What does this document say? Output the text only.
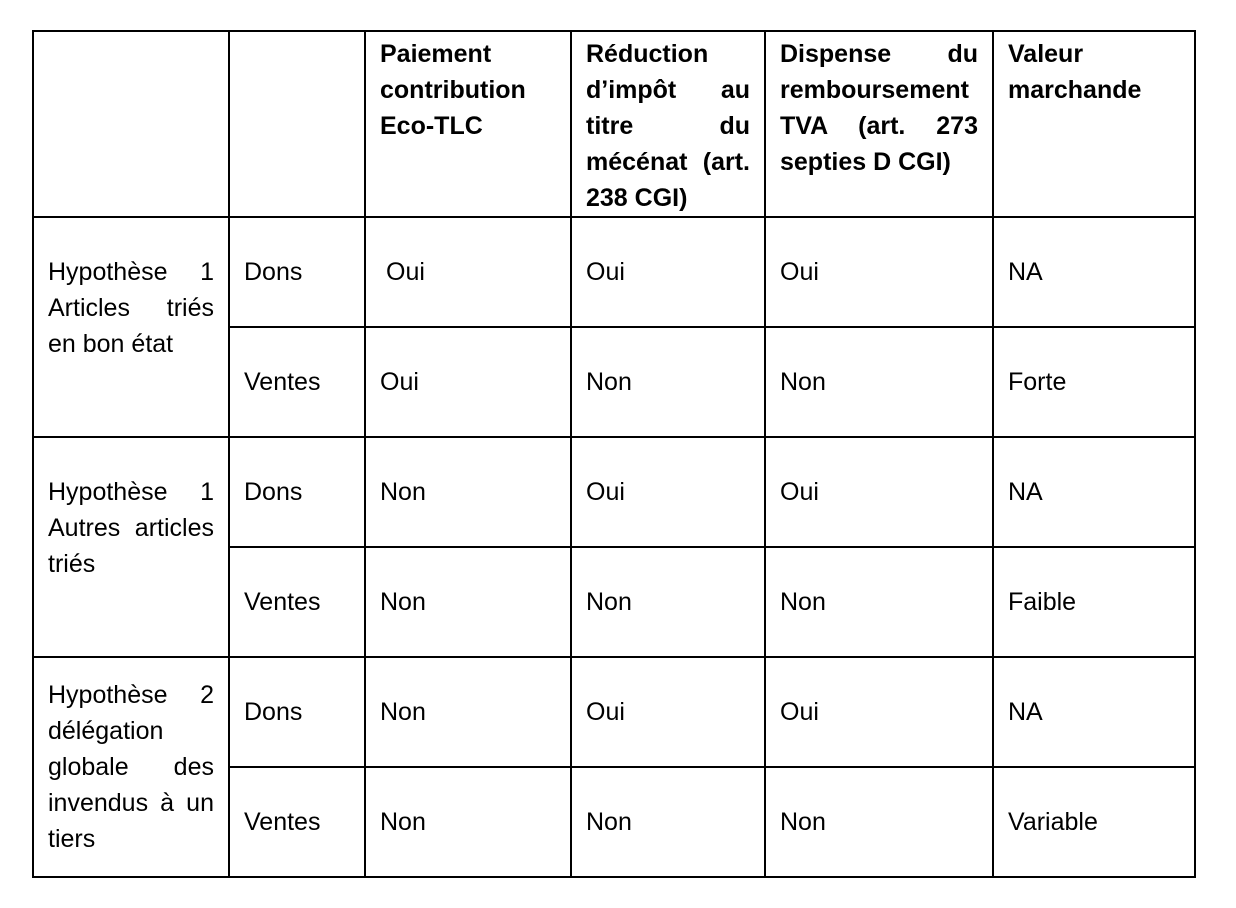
		Paiement contribution Eco-TLC	Réduction d’impôt au titre du mécénat (art. 238 CGI)	Dispense du remboursement TVA (art. 273 septies D CGI)	Valeur marchande
Hypothèse 1 Articles triés en bon état	Dons	Oui	Oui	Oui	NA
	Ventes	Oui	Non	Non	Forte
Hypothèse 1 Autres articles triés	Dons	Non	Oui	Oui	NA
	Ventes	Non	Non	Non	Faible
Hypothèse 2 délégation globale des invendus à un tiers	Dons	Non	Oui	Oui	NA
	Ventes	Non	Non	Non	Variable
